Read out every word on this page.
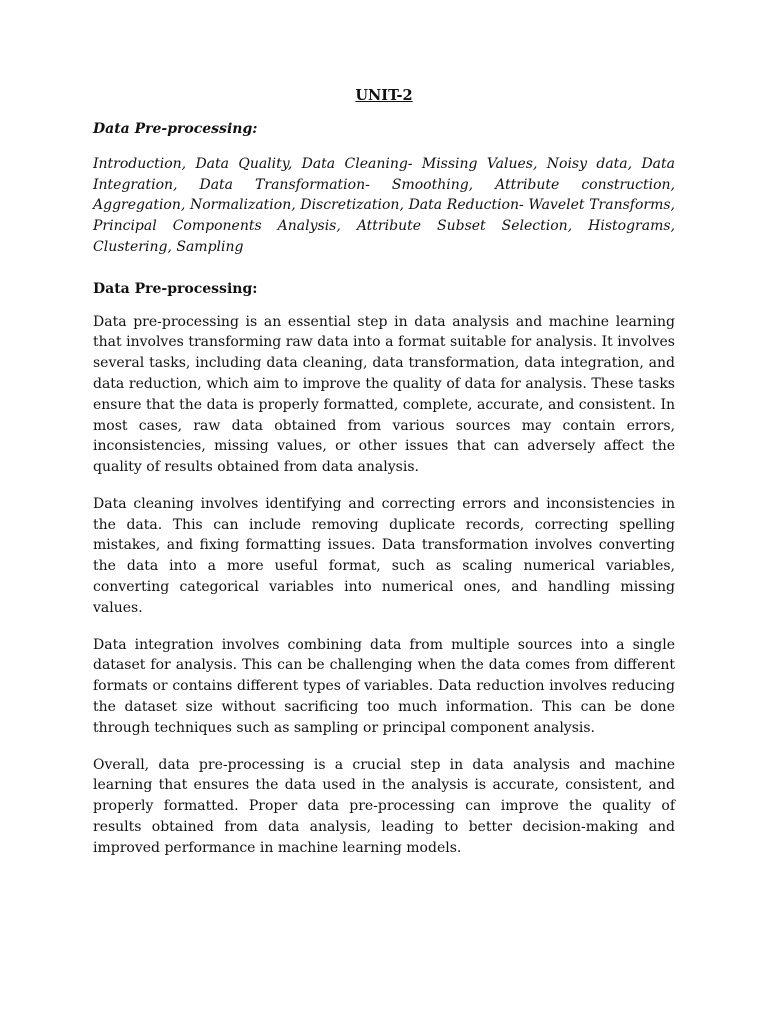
UNIT-2
Data Pre-processing:
Introduction, Data Quality, Data Cleaning- Missing Values, Noisy data, Data Integration, Data Transformation- Smoothing, Attribute construction, Aggregation, Normalization, Discretization, Data Reduction- Wavelet Transforms, Principal Components Analysis, Attribute Subset Selection, Histograms, Clustering, Sampling
Data Pre-processing:

Data pre-processing is an essential step in data analysis and machine learning that involves transforming raw data into a format suitable for analysis. It involves several tasks, including data cleaning, data transformation, data integration, and data reduction, which aim to improve the quality of data for analysis. These tasks ensure that the data is properly formatted, complete, accurate, and consistent. In most cases, raw data obtained from various sources may contain errors, inconsistencies, missing values, or other issues that can adversely affect the quality of results obtained from data analysis.

Data cleaning involves identifying and correcting errors and inconsistencies in the data. This can include removing duplicate records, correcting spelling mistakes, and fixing formatting issues. Data transformation involves converting the data into a more useful format, such as scaling numerical variables, converting categorical variables into numerical ones, and handling missing values.

Data integration involves combining data from multiple sources into a single dataset for analysis. This can be challenging when the data comes from different formats or contains different types of variables. Data reduction involves reducing the dataset size without sacrificing too much information. This can be done through techniques such as sampling or principal component analysis.

Overall, data pre-processing is a crucial step in data analysis and machine learning that ensures the data used in the analysis is accurate, consistent, and properly formatted. Proper data pre-processing can improve the quality of results obtained from data analysis, leading to better decision-making and improved performance in machine learning models.
